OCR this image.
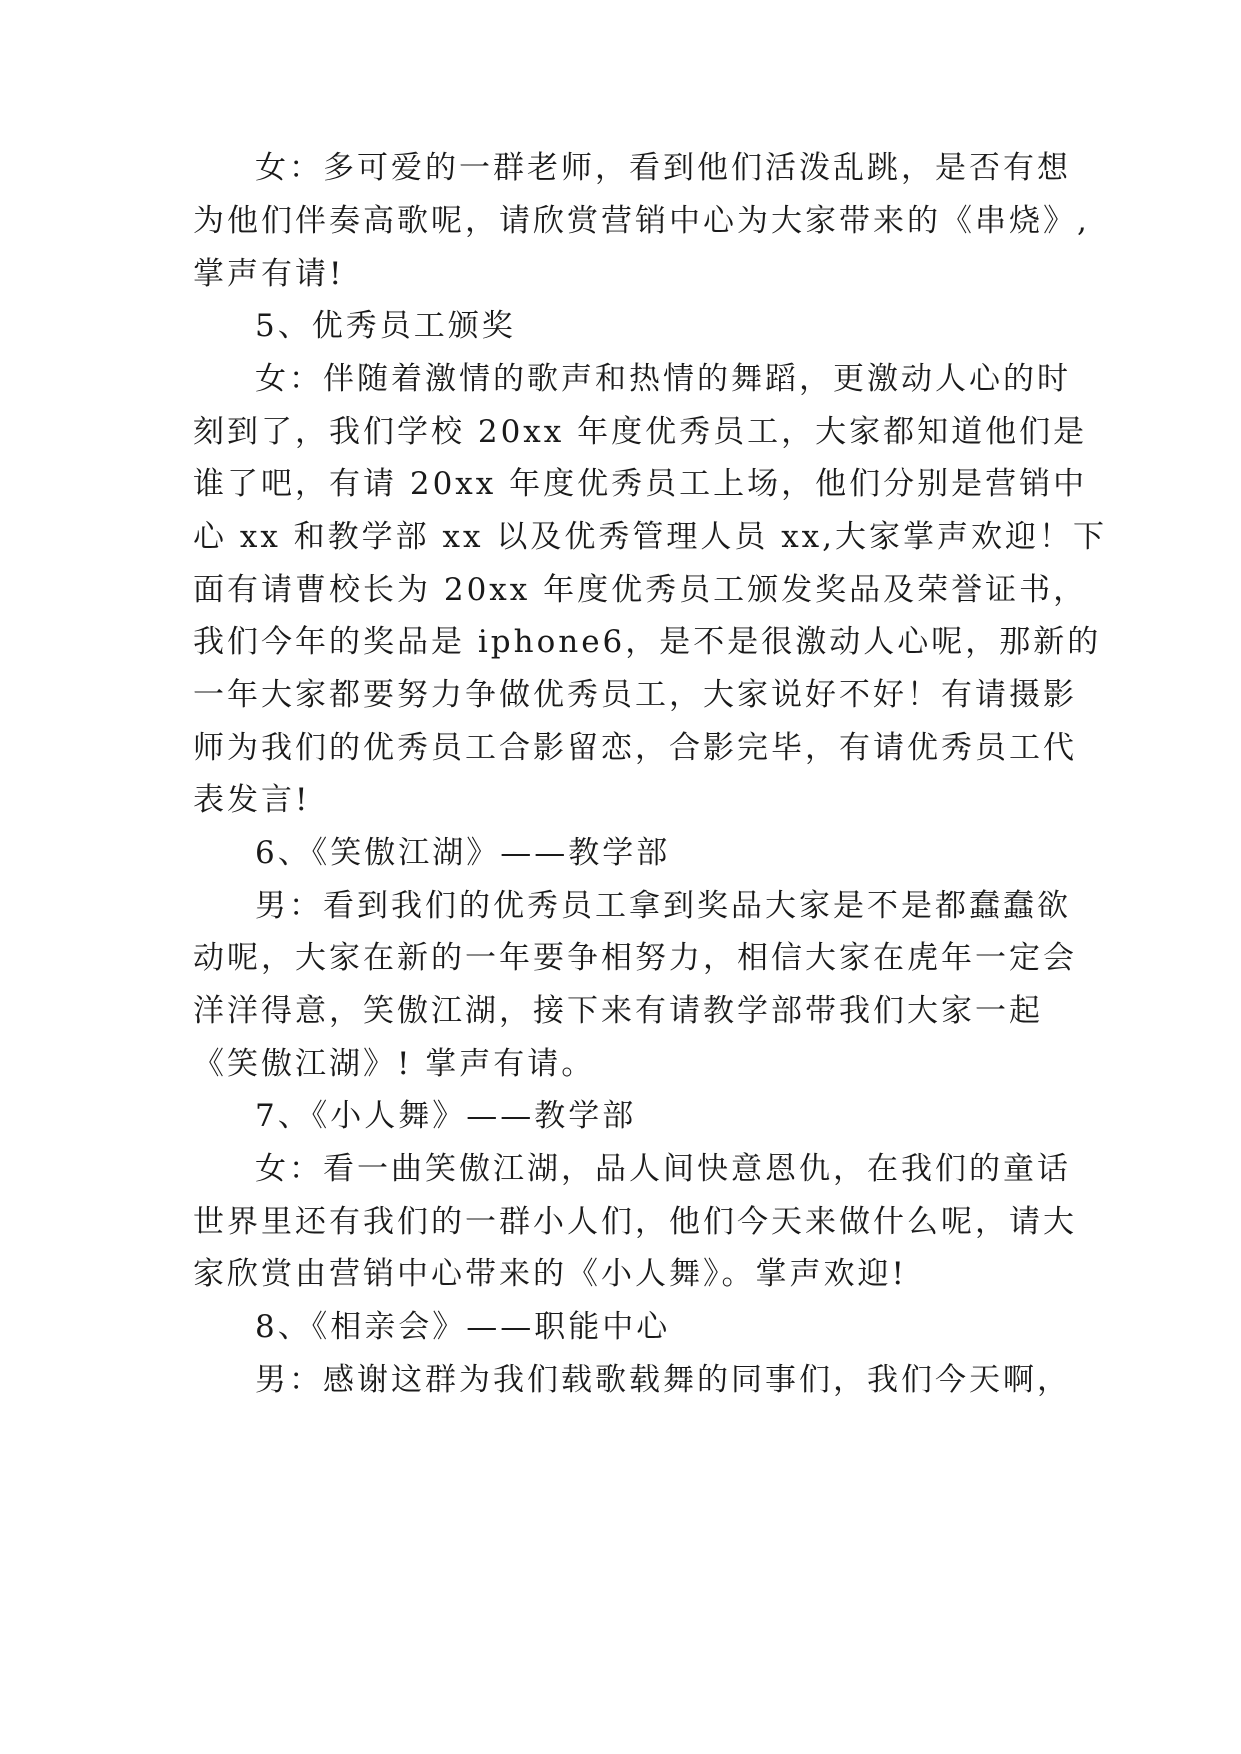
女：多可爱的一群老师，看到他们活泼乱跳，是否有想
为他们伴奏高歌呢，请欣赏营销中心为大家带来的《串烧》,
掌声有请!
5、优秀员工颁奖
女：伴随着激情的歌声和热情的舞蹈，更激动人心的时
刻到了，我们学校 20xx 年度优秀员工，大家都知道他们是
谁了吧，有请 20xx 年度优秀员工上场，他们分别是营销中
心 xx 和教学部 xx 以及优秀管理人员 xx,大家掌声欢迎！下
面有请曹校长为 20xx 年度优秀员工颁发奖品及荣誉证书，
我们今年的奖品是 iphone6，是不是很激动人心呢，那新的
一年大家都要努力争做优秀员工，大家说好不好！有请摄影
师为我们的优秀员工合影留恋，合影完毕，有请优秀员工代
表发言!
6、《笑傲江湖》——教学部
男：看到我们的优秀员工拿到奖品大家是不是都蠢蠢欲
动呢，大家在新的一年要争相努力，相信大家在虎年一定会
洋洋得意，笑傲江湖，接下来有请教学部带我们大家一起
《笑傲江湖》! 掌声有请。
7、《小人舞》——教学部
女：看一曲笑傲江湖，品人间快意恩仇，在我们的童话
世界里还有我们的一群小人们，他们今天来做什么呢，请大
家欣赏由营销中心带来的《小人舞》。掌声欢迎!
8、《相亲会》——职能中心
男：感谢这群为我们载歌载舞的同事们，我们今天啊，
